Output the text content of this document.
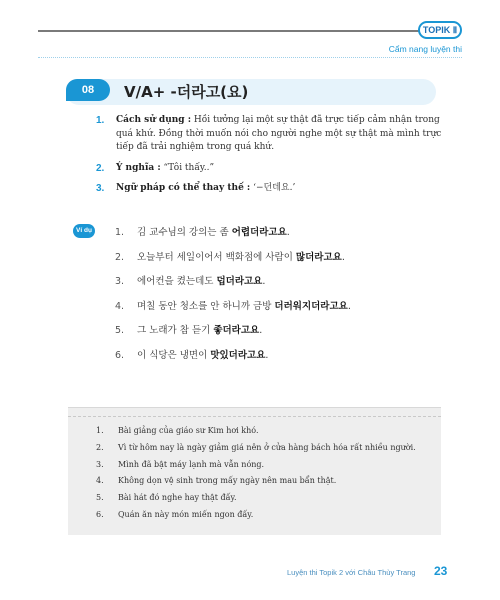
TOPIK Ⅱ
Cẩm nang luyện thi
08	V/A+ -더라고(요)
1. Cách sử dụng : Hồi tưởng lại một sự thật đã trực tiếp cảm nhận trong quá khứ. Đồng thời muốn nói cho người nghe một sự thật mà mình trực tiếp đã trải nghiệm trong quá khứ.
2. Ý nghĩa : “Tôi thấy..”
3. Ngữ pháp có thể thay thế : ‘−던데요.’
Ví dụ	1. 김 교수님의 강의는 좀 어렵더라고요.
2. 오늘부터 세일이어서 백화점에 사람이 많더라고요.
3. 에어컨을 켰는데도 덥더라고요.
4. 며칠 동안 청소를 안 하니까 금방 더러워지더라고요.
5. 그 노래가 참 듣기 좋더라고요.
6. 이 식당은 냉면이 맛있더라고요.
1. Bài giảng của giáo sư Kim hơi khó.
2. Vì từ hôm nay là ngày giảm giá nên ở cửa hàng bách hóa rất nhiều người.
3. Mình đã bật máy lạnh mà vẫn nóng.
4. Không dọn vệ sinh trong mấy ngày nên mau bẩn thật.
5. Bài hát đó nghe hay thật đấy.
6. Quán ăn này món miến ngon đấy.
Luyện thi Topik 2 với Châu Thùy Trang 23
